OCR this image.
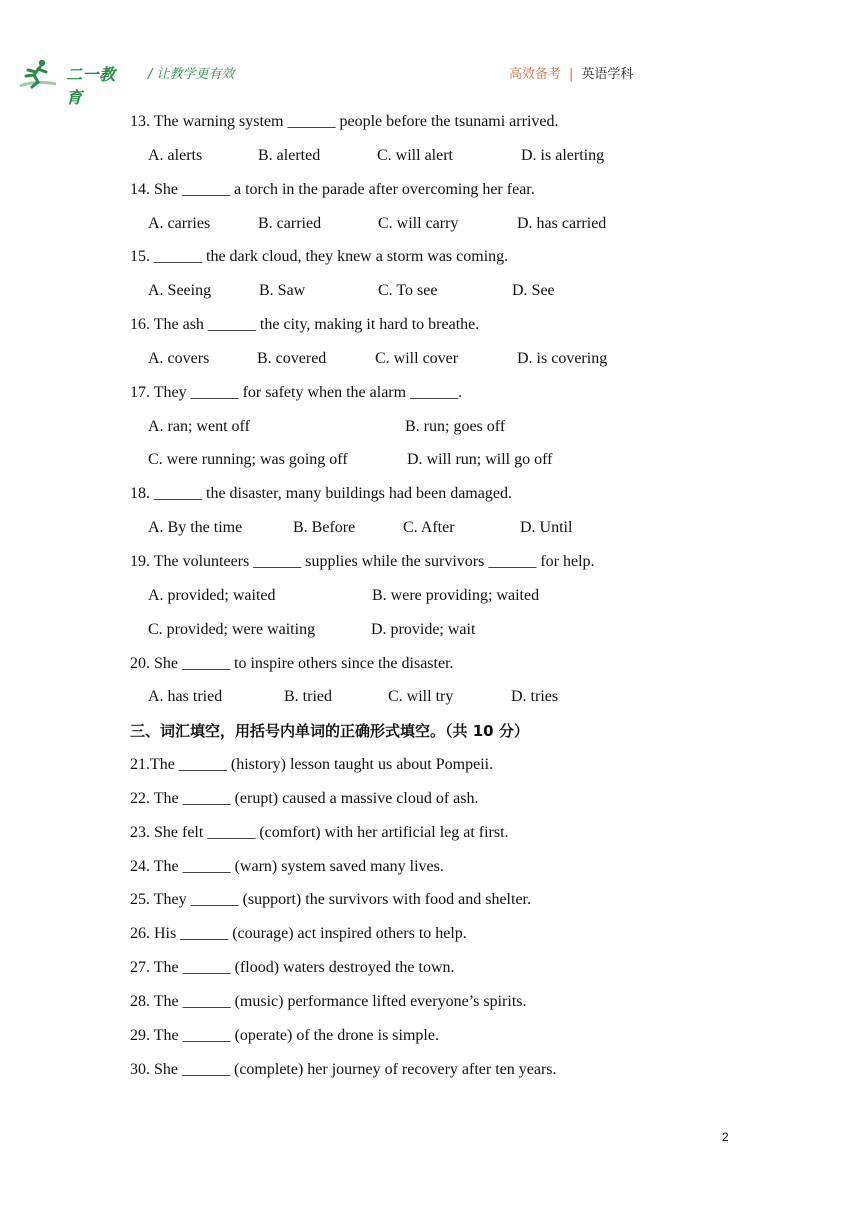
二一教育
/ 让教学更有效	高效备考 | 英语学科
13. The warning system ______ people before the tsunami arrived.
A. alerts	B. alerted	C. will alert	D. is alerting
14. She ______ a torch in the parade after overcoming her fear.
A. carries	B. carried	C. will carry	D. has carried
15. ______ the dark cloud, they knew a storm was coming.
A. Seeing	B. Saw	C. To see	D. See
16. The ash ______ the city, making it hard to breathe.
A. covers	B. covered	C. will cover	D. is covering
17. They ______ for safety when the alarm ______.
A. ran; went off	B. run; goes off
C. were running; was going off	D. will run; will go off
18. ______ the disaster, many buildings had been damaged.
A. By the time	B. Before	C. After	D. Until
19. The volunteers ______ supplies while the survivors ______ for help.
A. provided; waited	B. were providing; waited
C. provided; were waiting	D. provide; wait
20. She ______ to inspire others since the disaster.
A. has tried	B. tried	C. will try	D. tries
三、词汇填空，用括号内单词的正确形式填空。（共 10 分）
21.The ______ (history) lesson taught us about Pompeii.
22. The ______ (erupt) caused a massive cloud of ash.
23. She felt ______ (comfort) with her artificial leg at first.
24. The ______ (warn) system saved many lives.
25. They ______ (support) the survivors with food and shelter.
26. His ______ (courage) act inspired others to help.
27. The ______ (flood) waters destroyed the town.
28. The ______ (music) performance lifted everyone’s spirits.
29. The ______ (operate) of the drone is simple.
30. She ______ (complete) her journey of recovery after ten years.
2
